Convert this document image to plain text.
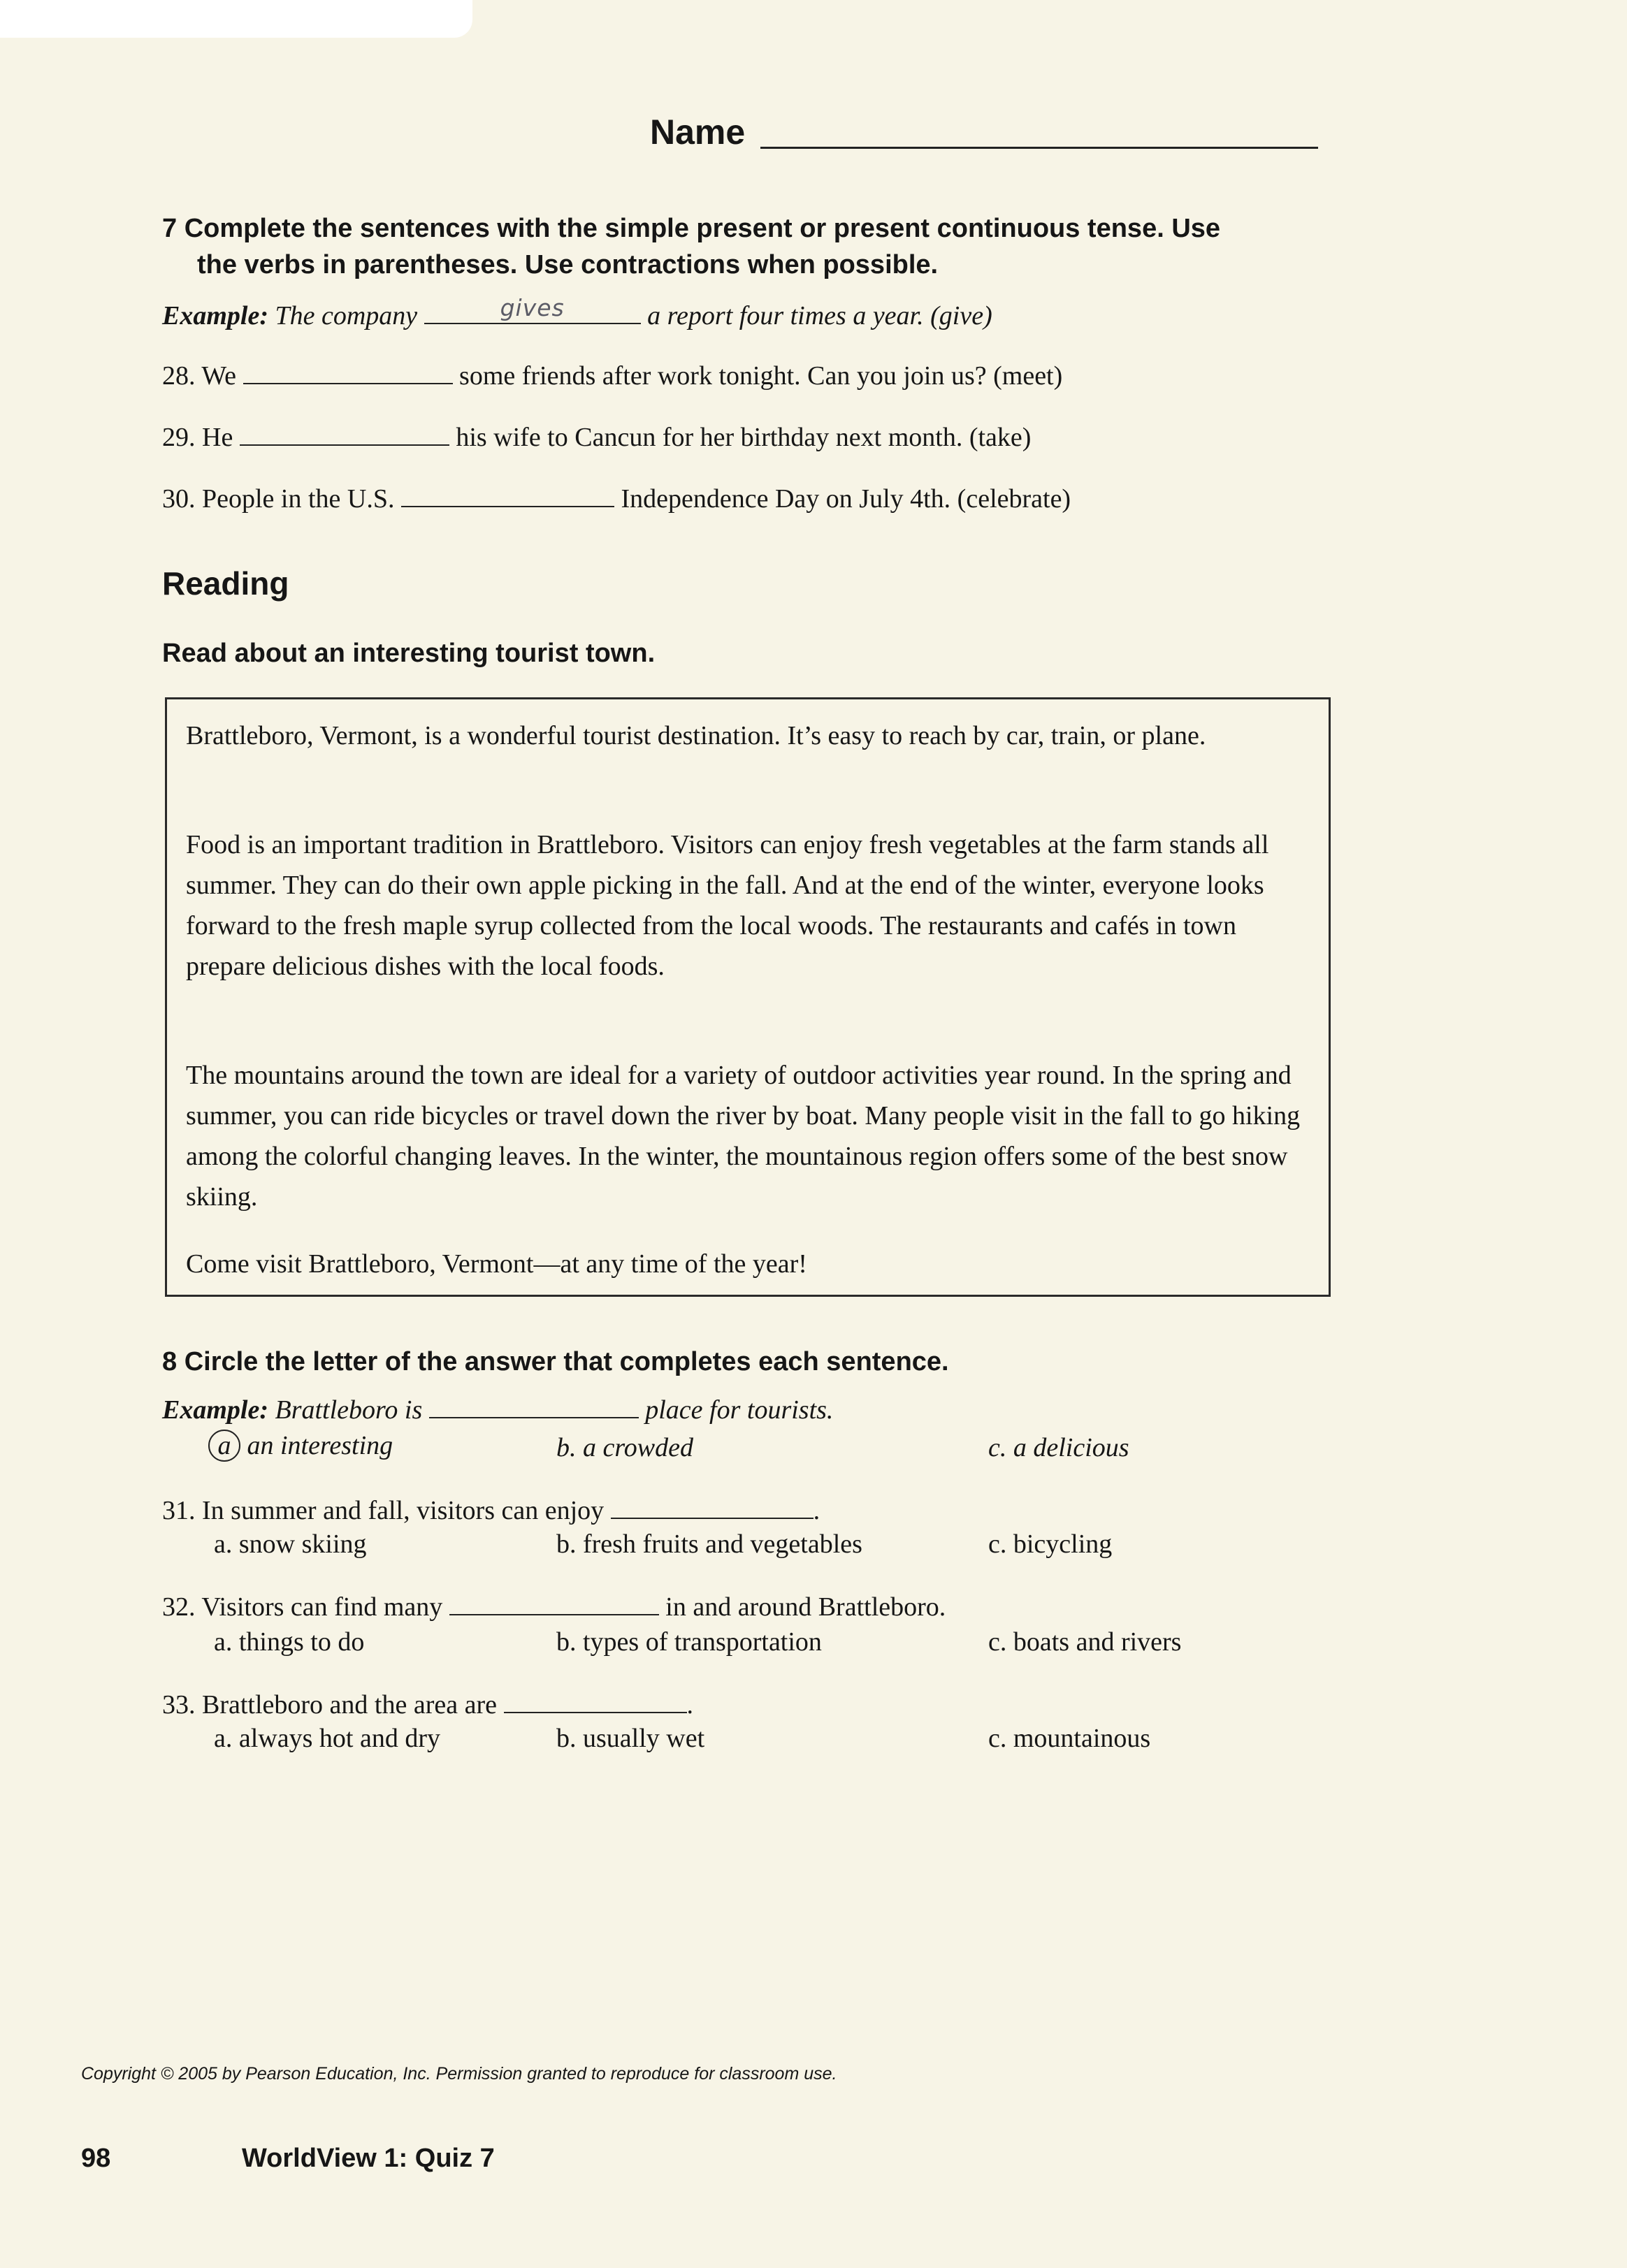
Name
7 Complete the sentences with the simple present or present continuous tense. Use
the verbs in parentheses. Use contractions when possible.
Example: The company	gives	a report four times a year. (give)
28. We	some friends after work tonight. Can you join us? (meet)
29. He	his wife to Cancun for her birthday next month. (take)
30. People in the U.S.	Independence Day on July 4th. (celebrate)
Reading
Read about an interesting tourist town.
Brattleboro, Vermont, is a wonderful tourist destination. It’s easy to reach by car, train, or plane.
Food is an important tradition in Brattleboro. Visitors can enjoy fresh vegetables at the farm stands all summer. They can do their own apple picking in the fall. And at the end of the winter, everyone looks forward to the fresh maple syrup collected from the local woods. The restaurants and cafés in town prepare delicious dishes with the local foods.
The mountains around the town are ideal for a variety of outdoor activities year round. In the spring and summer, you can ride bicycles or travel down the river by boat. Many people visit in the fall to go hiking among the colorful changing leaves. In the winter, the mountainous region offers some of the best snow skiing.
Come visit Brattleboro, Vermont—at any time of the year!
8 Circle the letter of the answer that completes each sentence.
Example: Brattleboro is	place for tourists.
a an interesting	b. a crowded	c. a delicious
31. In summer and fall, visitors can enjoy	.
a. snow skiing	b. fresh fruits and vegetables	c. bicycling
32. Visitors can find many	in and around Brattleboro.
a. things to do	b. types of transportation	c. boats and rivers
33. Brattleboro and the area are	.
a. always hot and dry	b. usually wet	c. mountainous
Copyright © 2005 by Pearson Education, Inc. Permission granted to reproduce for classroom use.
98	WorldView 1: Quiz 7
